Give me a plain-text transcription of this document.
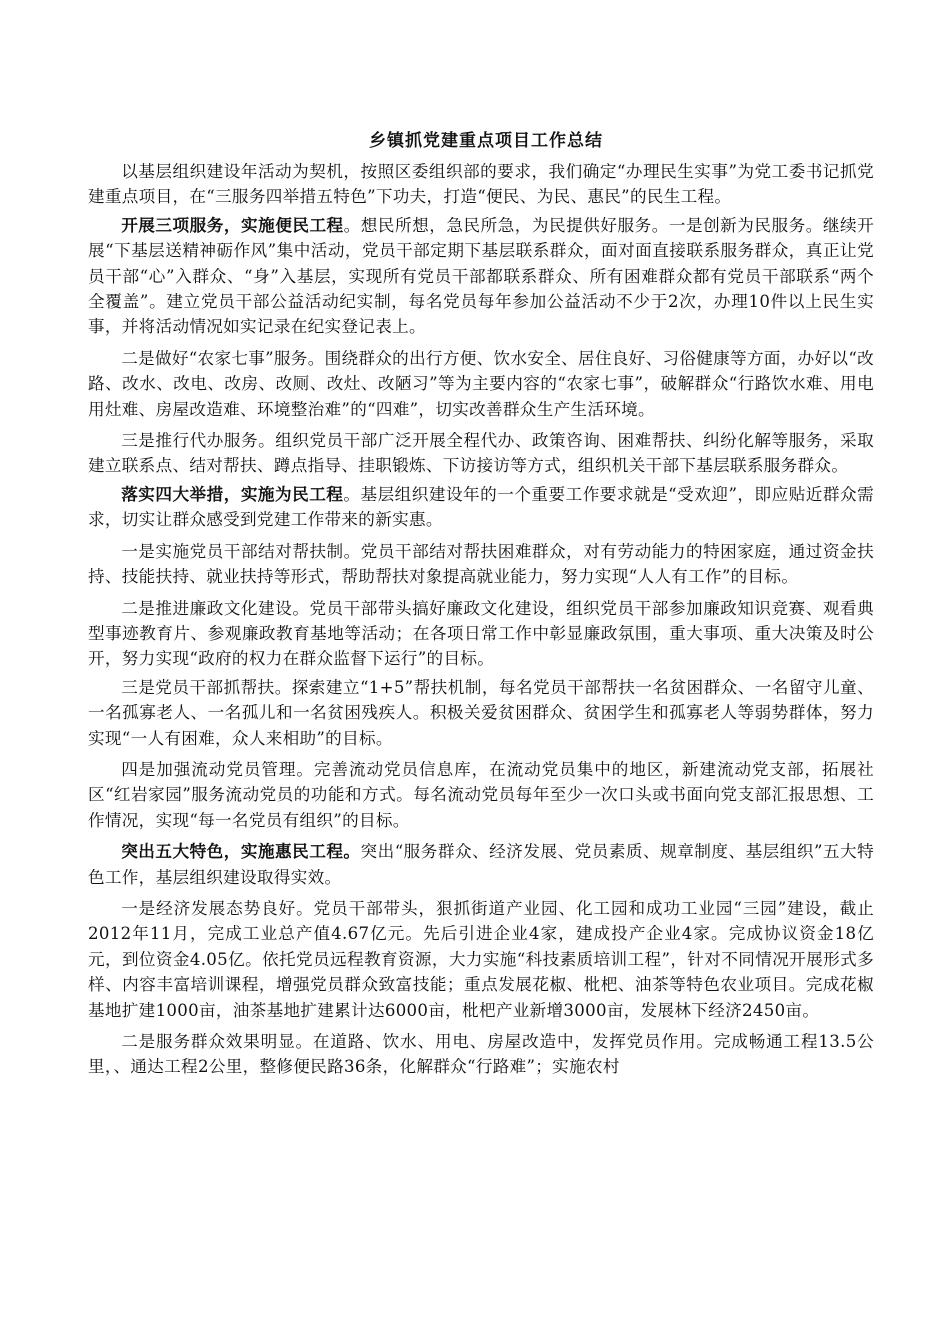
乡镇抓党建重点项目工作总结

以基层组织建设年活动为契机，按照区委组织部的要求，我们确定“办理民生实事”为党工委书记抓党建重点项目，在“三服务四举措五特色”下功夫，打造“便民、为民、惠民”的民生工程。

开展三项服务，实施便民工程。想民所想，急民所急，为民提供好服务。一是创新为民服务。继续开展“下基层送精神砺作风”集中活动，党员干部定期下基层联系群众，面对面直接联系服务群众，真正让党员干部“心”入群众、“身”入基层，实现所有党员干部都联系群众、所有困难群众都有党员干部联系“两个全覆盖”。建立党员干部公益活动纪实制，每名党员每年参加公益活动不少于2次，办理10件以上民生实事，并将活动情况如实记录在纪实登记表上。

二是做好“农家七事”服务。围绕群众的出行方便、饮水安全、居住良好、习俗健康等方面，办好以“改路、改水、改电、改房、改厕、改灶、改陋习”等为主要内容的“农家七事”，破解群众“行路饮水难、用电用灶难、房屋改造难、环境整治难”的“四难”，切实改善群众生产生活环境。

三是推行代办服务。组织党员干部广泛开展全程代办、政策咨询、困难帮扶、纠纷化解等服务，采取建立联系点、结对帮扶、蹲点指导、挂职锻炼、下访接访等方式，组织机关干部下基层联系服务群众。

落实四大举措，实施为民工程。基层组织建设年的一个重要工作要求就是“受欢迎”，即应贴近群众需求，切实让群众感受到党建工作带来的新实惠。

一是实施党员干部结对帮扶制。党员干部结对帮扶困难群众，对有劳动能力的特困家庭，通过资金扶持、技能扶持、就业扶持等形式，帮助帮扶对象提高就业能力，努力实现“人人有工作”的目标。

二是推进廉政文化建设。党员干部带头搞好廉政文化建设，组织党员干部参加廉政知识竞赛、观看典型事迹教育片、参观廉政教育基地等活动；在各项日常工作中彰显廉政氛围，重大事项、重大决策及时公开，努力实现“政府的权力在群众监督下运行”的目标。

三是党员干部抓帮扶。探索建立“1+5”帮扶机制，每名党员干部帮扶一名贫困群众、一名留守儿童、一名孤寡老人、一名孤儿和一名贫困残疾人。积极关爱贫困群众、贫困学生和孤寡老人等弱势群体，努力实现“一人有困难，众人来相助”的目标。

四是加强流动党员管理。完善流动党员信息库，在流动党员集中的地区，新建流动党支部，拓展社区“红岩家园”服务流动党员的功能和方式。每名流动党员每年至少一次口头或书面向党支部汇报思想、工作情况，实现“每一名党员有组织”的目标。

突出五大特色，实施惠民工程。突出“服务群众、经济发展、党员素质、规章制度、基层组织”五大特色工作，基层组织建设取得实效。

一是经济发展态势良好。党员干部带头，狠抓街道产业园、化工园和成功工业园“三园”建设，截止2012年11月，完成工业总产值4.67亿元。先后引进企业4家，建成投产企业4家。完成协议资金18亿元，到位资金4.05亿。依托党员远程教育资源，大力实施“科技素质培训工程”，针对不同情况开展形式多样、内容丰富培训课程，增强党员群众致富技能；重点发展花椒、枇杷、油茶等特色农业项目。完成花椒基地扩建1000亩，油茶基地扩建累计达6000亩，枇杷产业新增3000亩，发展林下经济2450亩。

二是服务群众效果明显。在道路、饮水、用电、房屋改造中，发挥党员作用。完成畅通工程13.5公里，、通达工程2公里，整修便民路36条，化解群众“行路难”；实施农村
